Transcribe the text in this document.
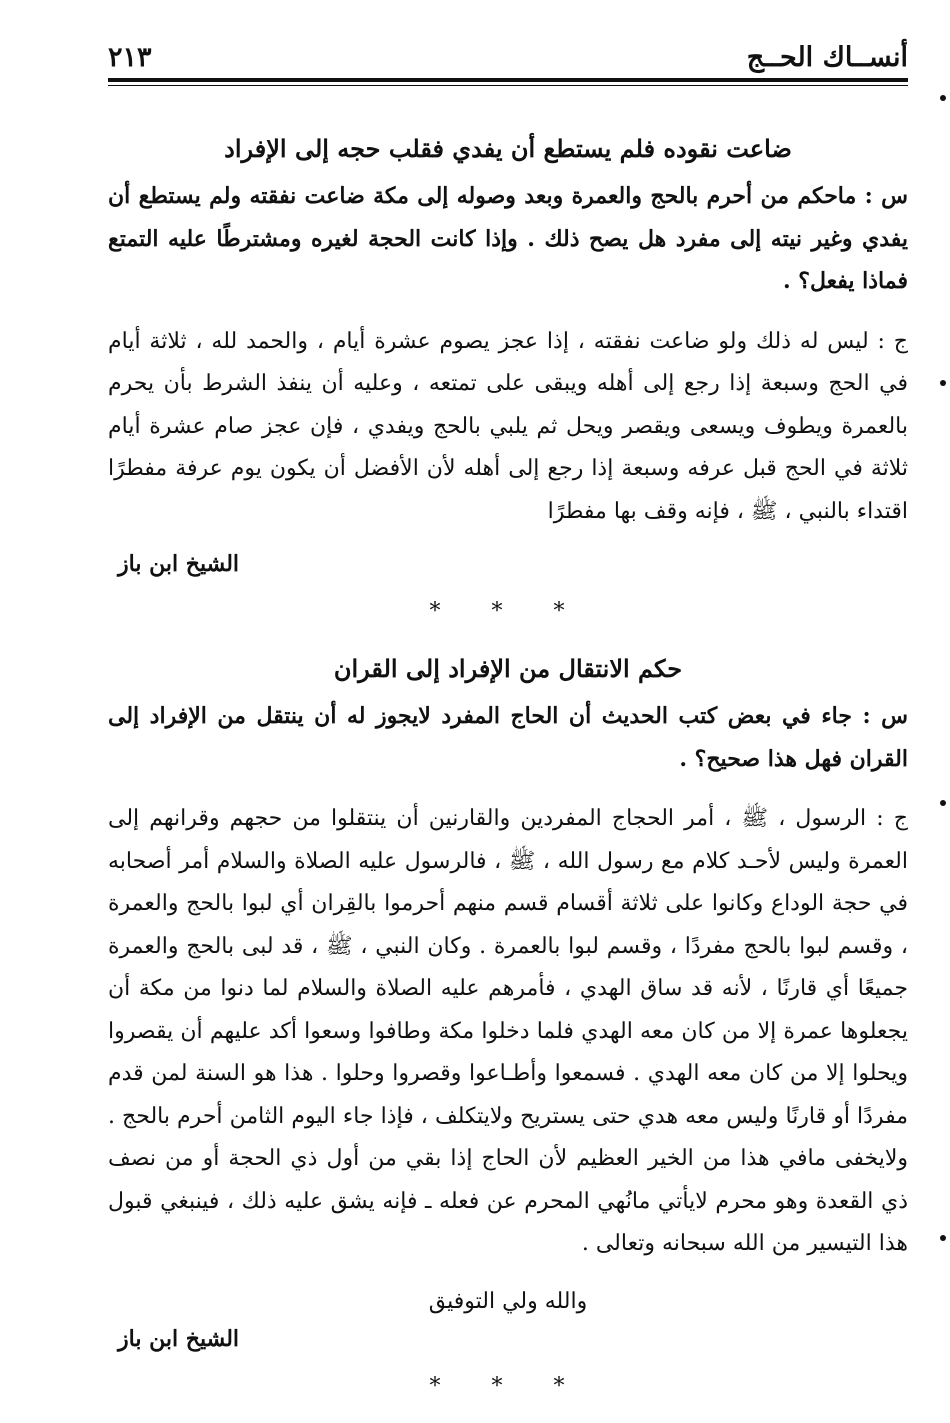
أنســاك الحــج
٢١٣
ضاعت نقوده فلم يستطع أن يفدي فقلب حجه إلى الإفراد

س : ماحكم من أحرم بالحج والعمرة وبعد وصوله إلى مكة ضاعت نفقته ولم يستطع أن يفدي وغير نيته إلى مفرد هل يصح ذلك . وإذا كانت الحجة لغيره ومشترطًا عليه التمتع فماذا يفعل؟ .

ج : ليس له ذلك ولو ضاعت نفقته ، إذا عجز يصوم عشرة أيام ، والحمد لله ، ثلاثة أيام في الحج وسبعة إذا رجع إلى أهله ويبقى على تمتعه ، وعليه أن ينفذ الشرط بأن يحرم بالعمرة ويطوف ويسعى ويقصر ويحل ثم يلبي بالحج ويفدي ، فإن عجز صام عشرة أيام ثلاثة في الحج قبل عرفه وسبعة إذا رجع إلى أهله لأن الأفضل أن يكون يوم عرفة مفطرًا اقتداء بالنبي ، ﷺ ، فإنه وقف بها مفطرًا

الشيخ ابن باز

* * *
حكم الانتقال من الإفراد إلى القران

س : جاء في بعض كتب الحديث أن الحاج المفرد لايجوز له أن ينتقل من الإفراد إلى القران فهل هذا صحيح؟ .

ج : الرسول ، ﷺ ، أمر الحجاج المفردين والقارنين أن ينتقلوا من حجهم وقرانهم إلى العمرة وليس لأحـد كلام مع رسول الله ، ﷺ ، فالرسول عليه الصلاة والسلام أمر أصحابه في حجة الوداع وكانوا على ثلاثة أقسام قسم منهم أحرموا بالقِران أي لبوا بالحج والعمرة ، وقسم لبوا بالحج مفردًا ، وقسم لبوا بالعمرة . وكان النبي ، ﷺ ، قد لبى بالحج والعمرة جميعًا أي قارنًا ، لأنه قد ساق الهدي ، فأمرهم عليه الصلاة والسلام لما دنوا من مكة أن يجعلوها عمرة إلا من كان معه الهدي فلما دخلوا مكة وطافوا وسعوا أكد عليهم أن يقصروا ويحلوا إلا من كان معه الهدي . فسمعوا وأطـاعوا وقصروا وحلوا . هذا هو السنة لمن قدم مفردًا أو قارنًا وليس معه هدي حتى يستريح ولايتكلف ، فإذا جاء اليوم الثامن أحرم بالحج . ولايخفى مافي هذا من الخير العظيم لأن الحاج إذا بقي من أول ذي الحجة أو من نصف ذي القعدة وهو محرم لايأتي مانُهي المحرم عن فعله ـ فإنه يشق عليه ذلك ، فينبغي قبول هذا التيسير من الله سبحانه وتعالى .

والله ولي التوفيق

الشيخ ابن باز

* * *
